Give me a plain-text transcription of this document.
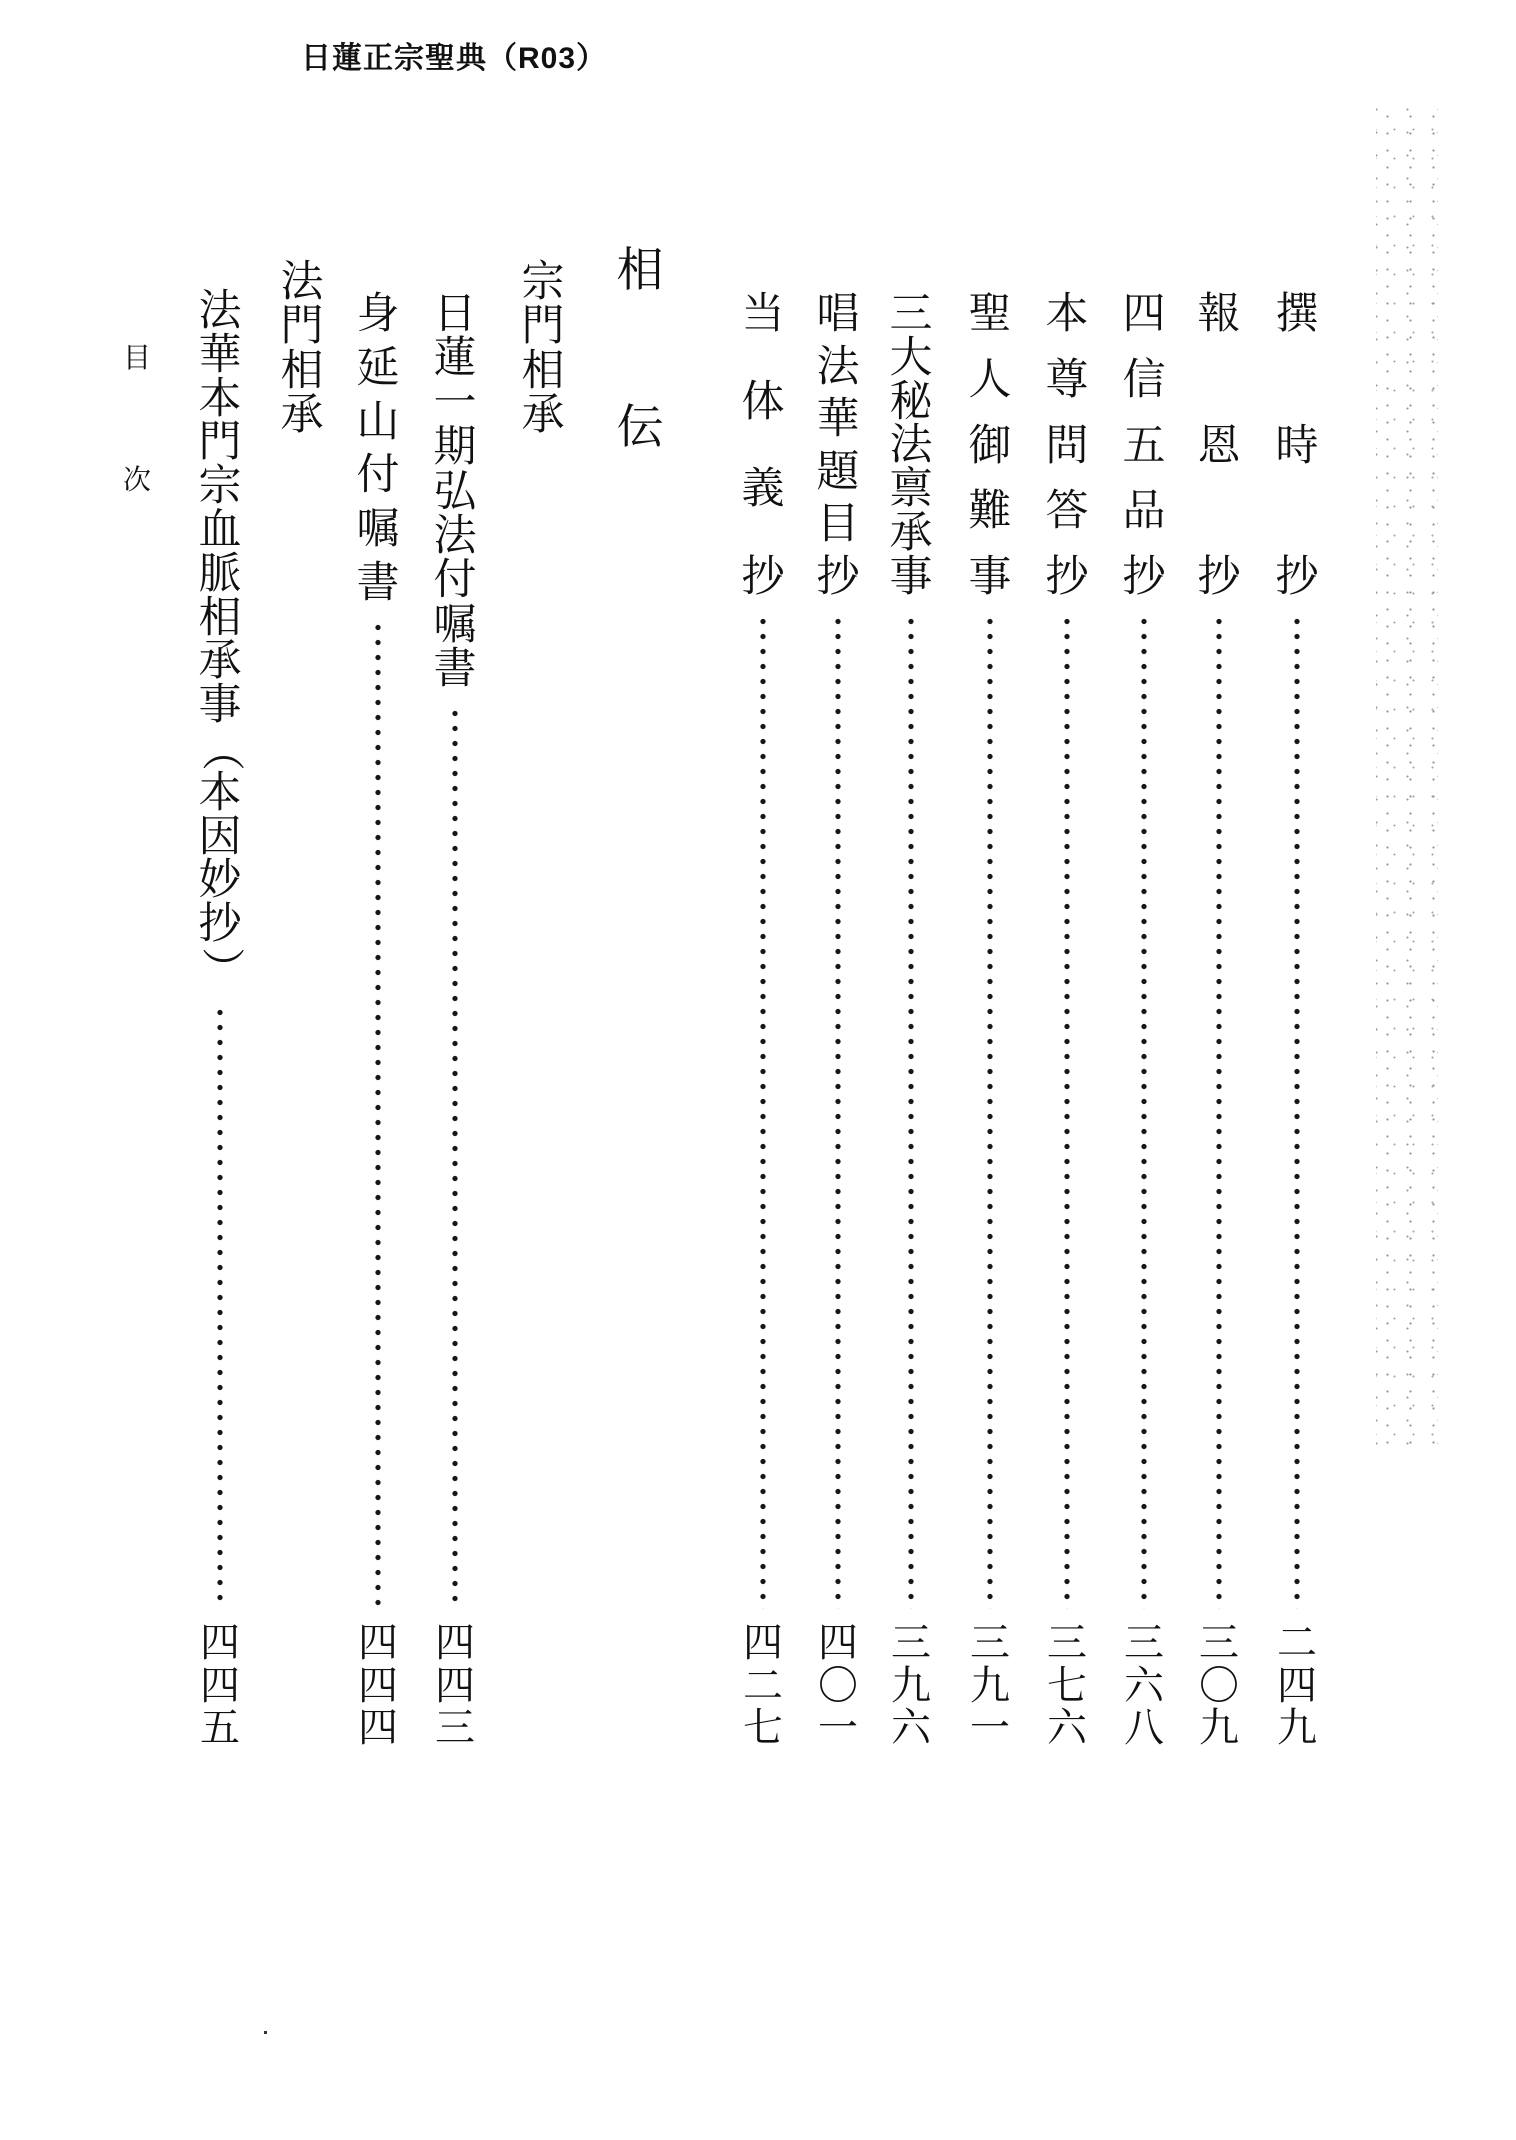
日蓮正宗聖典（R03）
撰
時
抄
二
四
九
報
恩
抄
三
〇
九
四
信
五
品
抄
三
六
八
本
尊
問
答
抄
三
七
六
聖
人
御
難
事
三
九
一
三
大
秘
法
禀
承
事
三
九
六
唱
法
華
題
目
抄
四
〇
一
当
体
義
抄
四
二
七
相
伝
宗
門
相
承
日
蓮
一
期
弘
法
付
嘱
書
四
四
三
身
延
山
付
嘱
書
四
四
四
法
門
相
承
法
華
本
門
宗
血
脈
相
承
事
（
本
因
妙
抄
）
四
四
五
目
次
